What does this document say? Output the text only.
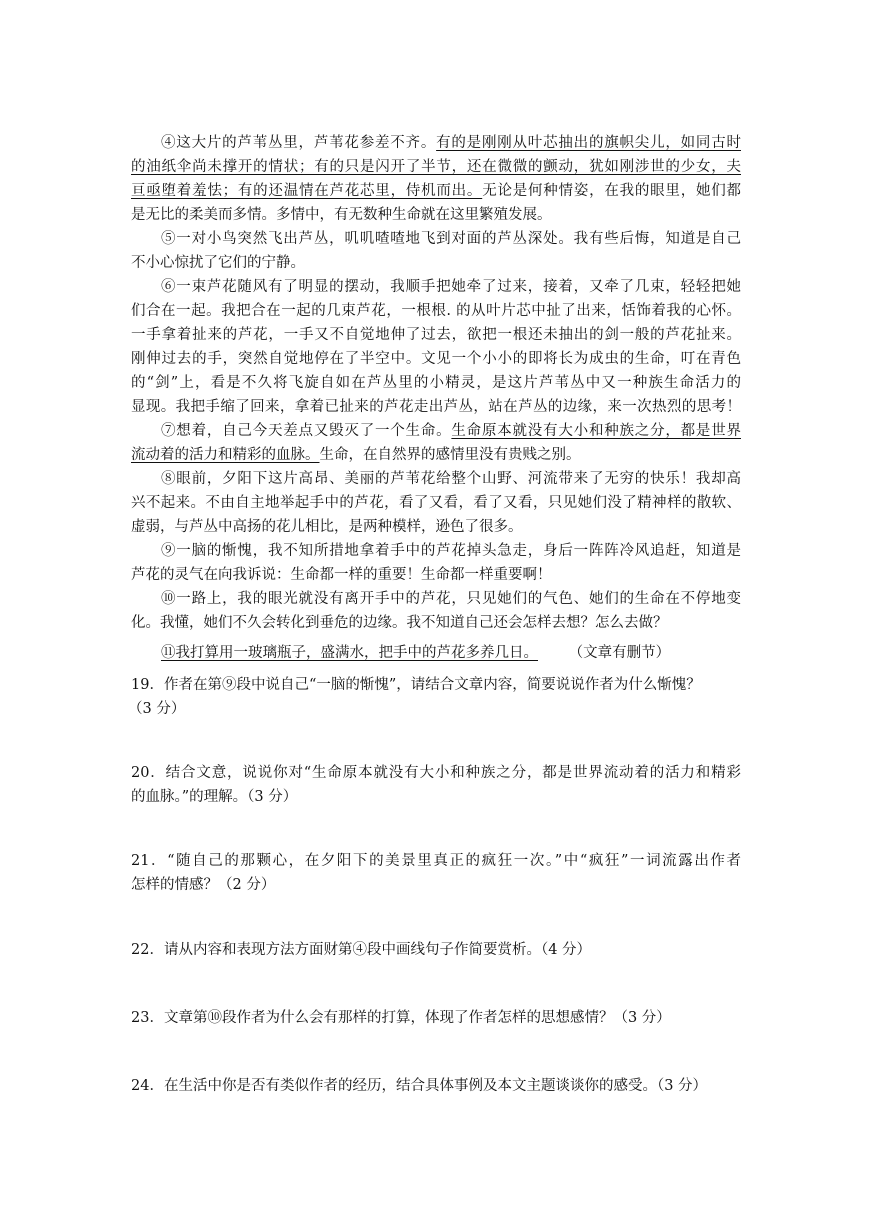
④这大片的芦苇丛里，芦苇花参差不齐。有的是刚刚从叶芯抽出的旗帜尖儿，如同古时
的油纸伞尚未撑开的情状；有的只是闪开了半节，还在微微的颤动，犹如刚涉世的少女，夫
亘亟堕着羞怯；有的还温情在芦花芯里，侍机而出。无论是何种情姿，在我的眼里，她们都
是无比的柔美而多情。多情中，有无数种生命就在这里繁殖发展。
⑤一对小鸟突然飞出芦丛，叽叽喳喳地飞到对面的芦丛深处。我有些后悔，知道是自己
不小心惊扰了它们的宁静。
⑥一束芦花随风有了明显的摆动，我顺手把她牵了过来，接着，又牵了几束，轻轻把她
们合在一起。我把合在一起的几束芦花，一根根. 的从叶片芯中扯了出来，恬饰着我的心怀。
一手拿着扯来的芦花，一手又不自觉地伸了过去，欲把一根还未抽出的剑一般的芦花扯来。
刚伸过去的手，突然自觉地停在了半空中。文见一个小小的即将长为成虫的生命，叮在青色
的“剑”上，看是不久将飞旋自如在芦丛里的小精灵，是这片芦苇丛中又一种族生命活力的
显现。我把手缩了回来，拿着已扯来的芦花走出芦丛，站在芦丛的边缘，来一次热烈的思考！
⑦想着，自己今天差点又毁灭了一个生命。生命原本就没有大小和种族之分，都是世界
流动着的活力和精彩的血脉。生命，在自然界的感情里没有贵贱之别。
⑧眼前，夕阳下这片高昂、美丽的芦苇花给整个山野、河流带来了无穷的快乐！我却高
兴不起来。不由自主地举起手中的芦花，看了又看，看了又看，只见她们没了精神样的散软、
虚弱，与芦丛中高扬的花儿相比，是两种模样，逊色了很多。
⑨一脑的惭愧，我不知所措地拿着手中的芦花掉头急走，身后一阵阵冷风追赶，知道是
芦花的灵气在向我诉说：生命都一样的重要！生命都一样重要啊！
⑩一路上，我的眼光就没有离开手中的芦花，只见她们的气色、她们的生命在不停地变
化。我懂，她们不久会转化到垂危的边缘。我不知道自己还会怎样去想？怎么去做？
⑪我打算用一玻璃瓶子，盛满水，把手中的芦花多养几日。 （文章有删节）
19．作者在第⑨段中说自己“一脑的惭愧”，请结合文章内容，简要说说作者为什么惭愧？
（3 分）
20．结合文意，说说你对“生命原本就没有大小和种族之分，都是世界流动着的活力和精彩
的血脉。”的理解。（3 分）
21．“随自己的那颗心，在夕阳下的美景里真正的疯狂一次。”中“疯狂”一词流露出作者
怎样的情感？（2 分）
22．请从内容和表现方法方面财第④段中画线句子作简要赏析。（4 分）
23．文章第⑩段作者为什么会有那样的打算，体现了作者怎样的思想感情？（3 分）
24．在生活中你是否有类似作者的经历，结合具体事例及本文主题谈谈你的感受。（3 分）
